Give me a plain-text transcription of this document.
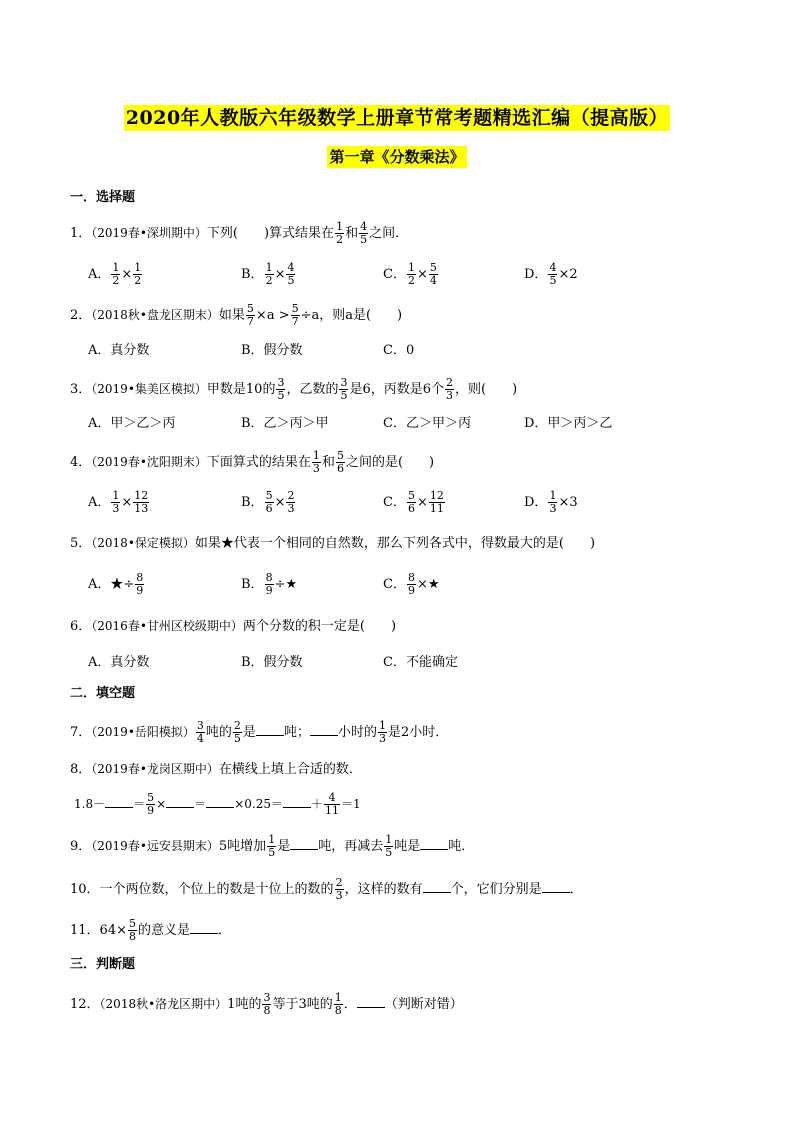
2020年人教版六年级数学上册章节常考题精选汇编（提高版）
第一章《分数乘法》
一．选择题
1．（2019春•深圳期中）下列(　　)算式结果在 $\frac{1}{2}$ 和 $\frac{4}{5}$ 之间．
A． $\frac{1}{2} \times \frac{1}{2}$	B． $\frac{1}{2} \times \frac{4}{5}$	C． $\frac{1}{2} \times \frac{5}{4}$	D． $\frac{4}{5} \times 2$
2．（2018秋•盘龙区期末）如果 $\frac{5}{7} \times a > \frac{5}{7} \div a$，则a是(　　)
A．真分数	B．假分数	C．0
3．（2019•集美区模拟）甲数是10的 $\frac{3}{5}$ ，乙数的 $\frac{3}{5}$ 是6，丙数是6个 $\frac{2}{3}$ ，则(　　)
A．甲＞乙＞丙	B．乙＞丙＞甲	C．乙＞甲＞丙	D．甲＞丙＞乙
4．（2019春•沈阳期末）下面算式的结果在 $\frac{1}{3}$ 和 $\frac{5}{6}$ 之间的是(　　)
A． $\frac{1}{3} \times \frac{12}{13}$	B． $\frac{5}{6} \times \frac{2}{3}$	C． $\frac{5}{6} \times \frac{12}{11}$	D． $\frac{1}{3} \times 3$
5．（2018•保定模拟）如果★代表一个相同的自然数，那么下列各式中，得数最大的是(　　)
A．★÷ $\frac{8}{9}$	B． $\frac{8}{9}$ ÷★	C． $\frac{8}{9}$ ×★
6．（2016春•甘州区校级期中）两个分数的积一定是(　　)
A．真分数	B．假分数	C．不能确定
二．填空题
7．（2019•岳阳模拟） $\frac{3}{4}$ 吨的 $\frac{2}{5}$ 是 吨； 小时的 $\frac{1}{3}$ 是2小时．
8．（2019春•龙岗区期中）在横线上填上合适的数．
$1.8- = \frac{5}{9}$ × ＝ $\times 0.25= + \frac{4}{11} =1$
9．（2019春•远安县期末）5吨增加 $\frac{1}{5}$ 是 吨，再减去 $\frac{1}{5}$ 吨是 吨．
10．一个两位数，个位上的数是十位上的数的 $\frac{2}{3}$ ，这样的数有 个，它们分别是 ．
11．$64\times \frac{5}{8}$ 的意义是 ．
三．判断题
12．（2018秋•洛龙区期中）1吨的 $\frac{3}{8}$ 等于3吨的 $\frac{1}{8}$ ． （判断对错）
